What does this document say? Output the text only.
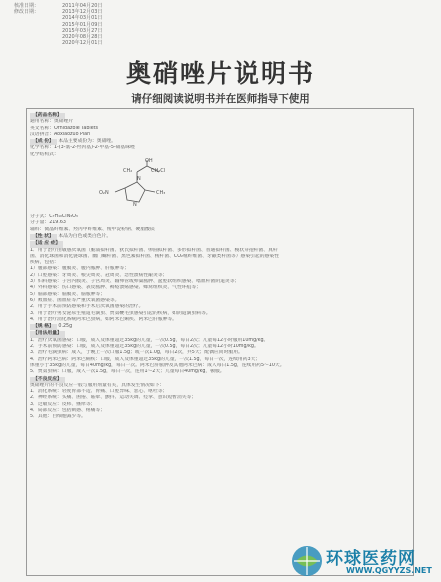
核准日期：	2011年04月20日
修改日期：	2013年12月03日
2014年03月01日
2015年01月09日
2015年03月27日
2020年08月28日
2020年12月01日
奥硝唑片说明书
请仔细阅读说明书并在医师指导下使用
【药品名称】
通用名称：奥硝唑片
英文名称：Ornidazole Tablets
汉语拼音：Aoxiaozuo Pian
【成 份】 本品主要成份为：奥硝唑。
化学名称：1-(3-氯-2-羟丙基)-2-甲基-5-硝基咪唑
化学结构式：
OH
CH₂Cl
CH₂
CH₃
O₂N
N
N
分子式：C₇H₁₀ClN₃O₃
分子量：219.63
辅料：微晶纤维素、羟丙甲纤维素、羧甲淀粉钠、硬脂酸镁
【性 状】 本品为白色或类白色片。
【适 应 症】
1．用于治疗由敏感厌氧菌（脆弱拟杆菌、狄氏拟杆菌、卵圆拟杆菌、多形拟杆菌、普通拟杆菌、梭状芽孢杆菌、真杆
菌、消化球菌和消化链球菌、幽门螺杆菌、黑色素拟杆菌、梭杆菌、CO₂噬纤维菌、牙龈类杆菌等）感染引起的感染性
疾病，包括：
1）腹部感染：腹膜炎、腹内脓肿、肝脓肿等；
2）口腔感染：牙周炎、根尖周炎、冠周炎、急性溃疡性龈炎等；
3）妇科感染：子宫内膜炎、子宫周炎、输卵管或卵巢脓肿、盆腔软组织感染、嗜血杆菌阴道炎等；
4）外科感染：伤口感染、表皮脓肿、褥疮溃疡感染、蜂窝组织炎、气性坏疽等；
5）脑部感染：脑膜炎、脑脓肿等；
6）败血症、菌血症等严重厌氧菌感染等。
2．用于手术前预防感染和手术后厌氧菌感染的治疗。
3．用于治疗男女泌尿生殖道毛滴虫、贾第鞭毛虫感染引起的疾病，如阴道滴虫病等。
4．用于治疗消化系统阿米巴虫病，如阿米巴痢疾、阿米巴肝脓肿等。
【规 格】 0.25g
【用法用量】
1．治疗厌氧菌感染：口服，成人及体重超过35kg的儿童，一次0.5g，每日2次；儿童每12小时服用10mg/kg。
2．手术前预防感染：口服，成人及体重超过35kg的儿童，一次0.5g，每日2次；儿童每12小时10mg/kg。
3．治疗毛滴虫病：成人，于晚上一次口服1.5g；或一次1.0g，每日2次，共5天；配偶应同时服用。
4．治疗阿米巴病：阿米巴痢疾：口服，成人及体重超过35kg的儿童，一次1.5g，每日一次，连续用药3天；
体重小于35kg的儿童，每日40mg/kg，每日一次。阿米巴肝脓肿及其他阿米巴病：成人每日1.5g，连续用药5～10天。
5．贾第虫病：口服，成人一次1.5g，每日一次，连用1～2天；儿童每日40mg/kg，顿服。
【不良反应】
奥硝唑片的不良反应一般与服用剂量有关，具体发生情况如下：
1．消化系统：轻度胃部不适、胃痛、口腔异味、恶心、呕吐等；
2．神经系统：头痛、困倦、眩晕、颤抖、运动失调、痉挛、意识短暂消失等；
3．过敏反应：皮疹、瘙痒等；
4．局部反应：包括刺感、疼痛等；
5．其他：白细胞减少等。
环球医药网
WWW.QGYYZS.NET
